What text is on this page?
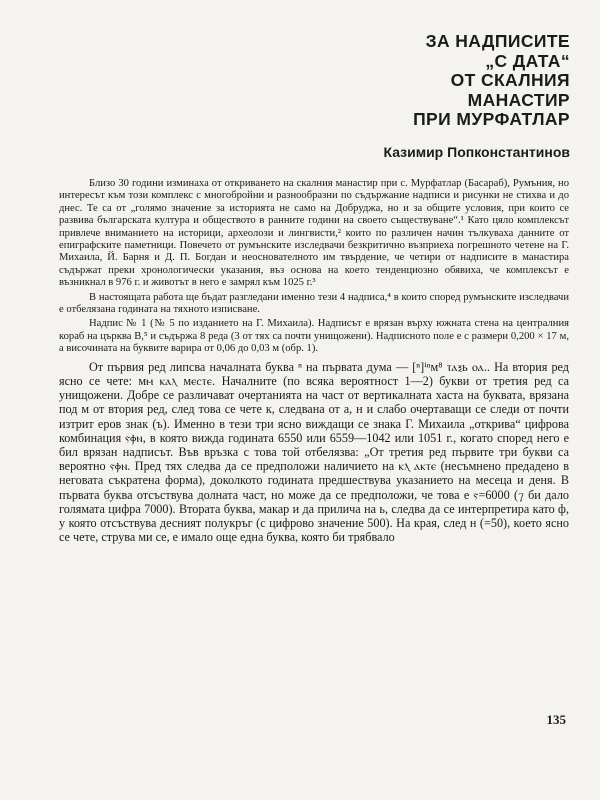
ЗА НАДПИСИТЕ
„С ДАТА“
ОТ СКАЛНИЯ
МАНАСТИР
ПРИ МУРФАТЛАР
Казимир Попконстантинов

Близо 30 години изминаха от откриването на скалния манастир при с. Мурфатлар (Басараб), Румъния, но интересът към този комплекс с многобройни и разнообразни по съдържание надписи и рисунки не стихва и до днес. Те са от „голямо значение за историята не само на Добруджа, но и за общите условия, при които се развива българската култура и обществото в ранните години на своето съществуване“.¹ Като цяло комплексът привлече вниманието на историци, археолози и лингвисти,² които по различен начин тълкуваха данните от епиграфските паметници. Повечето от румънските изследвачи безкритично възприеха погрешното четене на Г. Михаила, Й. Барня и Д. П. Богдан и неоснователното им твърдение, че четири от надписите в манастира съдържат преки хронологически указания, въз основа на което тенденциозно обявиха, че комплексът е възникнал в 976 г. и животът в него е замрял към 1025 г.³

В настоящата работа ще бъдат разгледани именно тези 4 надписа,⁴ в които според румънските изследвачи е отбелязана годината на тяхното изписване.

Надпис № 1 (№ 5 по изданието на Г. Михаила). Надписът е врязан върху южната стена на централния кораб на църква B,⁵ и съдържа 8 реда (3 от тях са почти унищожени). Надписното поле е с размери 0,200 × 17 м, а височината на буквите варира от 0,06 до 0,03 м (обр. 1).

От първия ред липсва началната буква ⁿ на първата дума — [ⁿ]ⁱⁿм⁸ ⲧⲁⲝь ⲟⲁ.. На втория ред ясно се чете: мⲙ ⲕⲁⲗ мⲉⲥⲧⲉ. Началните (по всяка вероятност 1—2) букви от третия ред са унищожени. Добре се различават очертанията на част от вертикалната хаста на буквата, врязана под м от втория ред, след това се чете к, следвана от а, н и слабо очертаващи се следи от почти изтрит еров знак (ъ). Именно в тези три ясно виждащи се знака Г. Михаила „открива“ цифрова комбинация ⲋⲫⲛ, в която вижда годината 6550 или 6559—1042 или 1051 г., когато според него е бил врязан надписът. Във връзка с това той отбелязва: „От третия ред първите три букви са вероятно ⲋⲫⲛ. Пред тях следва да се предположи наличието на ⲕⲗ ⲁⲕⲧⲉ (несъмнено предадено в неговата съкратена форма), доколкото годината предшествува указанието на месеца и деня. В първата буква отсъствува долната част, но може да се предположи, че това е ⲋ=6000 (⁊ би дало голямата цифра 7000). Втората буква, макар и да прилича на ь, следва да се интерпретира като ф, у която отсъствува десният полукръг (с цифрово значение 500). На края, след н (=50), което ясно се чете, струва ми се, е имало още една буква, която би трябвало

135
